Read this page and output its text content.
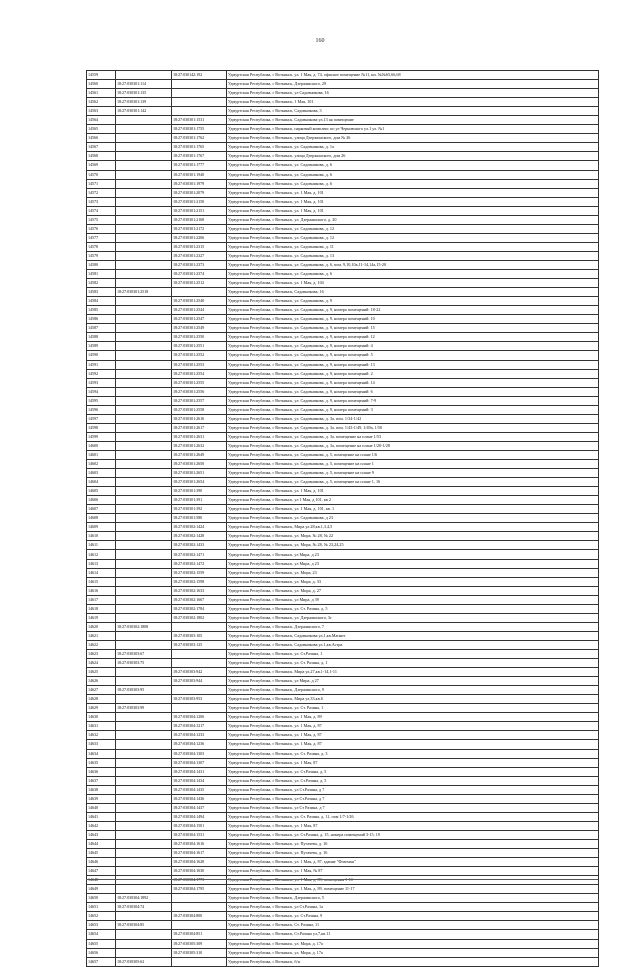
160
14559		18:27:030142:192	Удмуртская Республика, г Воткинск, ул. 1 Мая, д. 74, офисное помещение №11, нп. №№65,66,68
14560	18:27:030301:114		Удмуртская Республика, г Воткинск, Дзержинского, 29
14561	18:27:030301:135		Удмуртская Республика, г Воткинск, ул Садовникова, 16
14562	18:27:030301:139		Удмуртская Республика, г Воткинск, 1 Мая, 101
14563	18:27:030301:142		Удмуртская Республика, г Воткинск, Садовникова, 3
14564		18:27:030301:1531	Удмуртская Республика, г Воткинск, Садовникова ул,13 ая помещение
14565		18:27:030301:1755	Удмуртская Республика, г Воткинск, парковый комплекс по ул Черновского ул.1 ул. №1
14566		18:27:030301:1762	Удмуртская Республика, г Воткинск, улица Дзержинского, дом № 26
14567		18:27:030301:1765	Удмуртская Республика, г Воткинск, ул. Садовникова, д. 1а
14568		18:27:030301:1767	Удмуртская Республика, г Воткинск, улица Дзержинского, дом 26
14569		18:27:030301:1777	Удмуртская Республика, г Воткинск, ул. Садовникова, д. 6
14570		18:27:030301:1940	Удмуртская Республика, г Воткинск, ул. Садовникова, д. 6
14571		18:27:030301:1979	Удмуртская Республика, г Воткинск, ул. Садовникова, д. 6
14572		18:27:030301:2079	Удмуртская Республика, г Воткинск, ул. 1 Мая, д. 101
14573		18:27:030301:2150	Удмуртская Республика, г Воткинск, ул. 1 Мая, д. 101
14574		18:27:030301:2151	Удмуртская Республика, г Воткинск, ул. 1 Мая, д. 101
14575		18:27:030301:2168	Удмуртская Республика, г Воткинск, ул. Дзержинского, д. 20
14576		18:27:030301:2172	Удмуртская Республика, г Воткинск, ул. Садовникова, д. 12
14577		18:27:030301:2206	Удмуртская Республика, г Воткинск, ул. Садовникова, д. 12
14578		18:27:030301:2315	Удмуртская Республика, г Воткинск, ул. Садовникова, д. 11
14579		18:27:030301:2327	Удмуртская Республика, г Воткинск, ул. Садовникова, д. 13
14580		18:27:030301:2373	Удмуртская Республика, г Воткинск, ул. Садовникова, д. 6, пом. 9,10,10а,11-14,14а,15-20
14581		18:27:030301:2374	Удмуртская Республика, г Воткинск, ул. Садовникова, д. 6
14582		18:27:030301:2512	Удмуртская Республика, г Воткинск, ул. 1 Мая, д. 104
14583	18:27:030301:2518		Удмуртская Республика, г Воткинск, Садовникова, 16
14584		18:27:030301:2540	Удмуртская Республика, г Воткинск, ул. Садовникова, д. 9
14585		18:27:030301:2544	Удмуртская Республика, г Воткинск, ул. Садовникова, д. 9, номера помещений: 18-22
14586		18:27:030301:2547	Удмуртская Республика, г Воткинск, ул. Садовникова, д. 9, номера помещений: 10
14587		18:27:030301:2549	Удмуртская Республика, г Воткинск, ул. Садовникова, д. 9, номера помещений: 15
14588		18:27:030301:2550	Удмуртская Республика, г Воткинск, ул. Садовникова, д. 9, номера помещений: 12
14589		18:27:030301:2551	Удмуртская Республика, г Воткинск, ул. Садовникова, д. 9, номера помещений: 4
14590		18:27:030301:2552	Удмуртская Республика, г Воткинск, ул. Садовникова, д. 9, номера помещений: 5
14591		18:27:030301:2553	Удмуртская Республика, г Воткинск, ул. Садовникова, д. 9, номера помещений: 13
14592		18:27:030301:2554	Удмуртская Республика, г Воткинск, ул. Садовникова, д. 9, номера помещений: 2
14593		18:27:030301:2555	Удмуртская Республика, г Воткинск, ул. Садовникова, д. 9, номера помещений: 14
14594		18:27:030301:2556	Удмуртская Республика, г Воткинск, ул. Садовникова, д. 9, номера помещений: 6
14595		18:27:030301:2557	Удмуртская Республика, г Воткинск, ул. Садовникова, д. 9, номера помещений: 7-9
14596		18:27:030301:2558	Удмуртская Республика, г Воткинск, ул. Садовникова, д. 9, номера помещений: 3
14597		18:27:030301:2616	Удмуртская Республика, г Воткинск, ул. Садовникова, д. 3а, пом. 1/34-1/42
14598		18:27:030301:2617	Удмуртская Республика, г Воткинск, ул. Садовникова, д. 3а, пом. 1/43-1/49, 1/49а, 1/50
14599		18:27:030301:2631	Удмуртская Республика, г Воткинск, ул. Садовникова, д. 3а, помещение на плане 1/53
14600		18:27:030301:2632	Удмуртская Республика, г Воткинск, ул. Садовникова, д. 3а, помещение на плане 1/20-1/28
14601		18:27:030301:2649	Удмуртская Республика, г Воткинск, ул. Садовникова, д. 5, помещение на плане 1/6
14602		18:27:030301:2650	Удмуртская Республика, г Воткинск, ул. Садовникова, д. 5, помещение на плане 1
14603		18:27:030301:2651	Удмуртская Республика, г Воткинск, ул. Садовникова, д. 5, помещение на плане 9
14604		18:27:030301:2654	Удмуртская Республика, г Воткинск, ул. Садовникова, д. 5, помещение на плане 1, 16
14605		18:27:030301:390	Удмуртская Республика, г Воткинск, ул. 1 Мая, д. 101
14606		18:27:030301:391	Удмуртская Республика, г Воткинск, ул 1 Мая, д 101, кв 2
14607		18:27:030301:392	Удмуртская Республика, г Воткинск, ул. 1 Мая, д. 101, кв. 1
14608		18:27:030301:580	Удмуртская Республика, г Воткинск, ул. Садовникова, д 23
14609		18:27:030302:1424	Удмуртская Республика, г Воткинск, Мира ул.28,кв.1,3,4,5
14610		18:27:030302:1428	Удмуртская Республика, г Воткинск, ул. Мира, № 28, № 22
14611		18:27:030302:1433	Удмуртская Республика, г Воткинск, ул. Мира, № 28, № 23,24,25
14612		18:27:030302:1471	Удмуртская Республика, г Воткинск, ул Мира, д 23
14613		18:27:030302:1472	Удмуртская Республика, г Воткинск, ул Мира, д 23
14614		18:27:030302:1559	Удмуртская Республика, г Воткинск, ул. Мира, 23
14615		18:27:030302:1598	Удмуртская Республика, г Воткинск, ул. Мира, д. 33
14616		18:27:030302:1633	Удмуртская Республика, г Воткинск, ул. Мира, д. 27
14617		18:27:030302:1667	Удмуртская Республика, г Воткинск, ул Мира, д 39
14618		18:27:030302:1784	Удмуртская Республика, г Воткинск, ул. Ст. Разина, д. 5
14619		18:27:030302:1802	Удмуртская Республика, г Воткинск, ул. Дзержинского, 3г
14620	18:27:030302:1808		Удмуртская Республика, г Воткинск, Дзержинского, 7
14621		18:27:030303:105	Удмуртская Республика, г Воткинск, Садовникова ул,1,кв.Магнит
14622		18:27:030303:125	Удмуртская Республика, г Воткинск, Садовникова ул.1,кв.Астра
14623	18:27:030303:67		Удмуртская Республика, г Воткинск, ул. Ст.Разина, 1
14624	18:27:030303:75		Удмуртская Республика, г Воткинск, ул. Ст. Разина, д. 1
14625		18:27:030303:942	Удмуртская Республика, г Воткинск, Мира ул,27,кв.1-14,1-11
14626		18:27:030303:944	Удмуртская Республика, г Воткинск, ул Мира, д 27
14627	18:27:030303:95		Удмуртская Республика, г Воткинск, Дзержинского, 9
14628		18:27:030303:953	Удмуртская Республика, г Воткинск, Мира ул,33,кв.6
14629	18:27:030303:99		Удмуртская Республика, г Воткинск, ул. Ст. Разина, 1
14630		18:27:030304:1206	Удмуртская Республика, г Воткинск, ул. 1 Мая, д. 89
14631		18:27:030304:1217	Удмуртская Республика, г Воткинск, ул. 1 Мая, д. 87
14632		18:27:030304:1233	Удмуртская Республика, г Воткинск, ул. 1 Мая, д. 87
14633		18:27:030304:1236	Удмуртская Республика, г Воткинск, ул. 1 Мая, д. 87
14634		18:27:030304:1303	Удмуртская Республика, г Воткинск, ул. Ст. Разина, д. 3
14635		18:27:030304:1307	Удмуртская Республика, г Воткинск, ул. 1 Мая, 87
14636		18:27:030304:1431	Удмуртская Республика, г Воткинск, ул. Ст.Разина, д. 5
14637		18:27:030304:1434	Удмуртская Республика, г Воткинск, ул. Ст.Разина, д. 5
14638		18:27:030304:1435	Удмуртская Республика, г Воткинск, ул Ст.Разина, д 7
14639		18:27:030304:1436	Удмуртская Республика, г Воткинск, ул Ст.Разина, д 7
14640		18:27:030304:1437	Удмуртская Республика, г Воткинск, ул Ст Разина, д 7
14641		18:27:030304:1494	Удмуртская Республика, г Воткинск, ул. Ст. Разина, д. 11, пом 1/7-1/26
14642		18:27:030304:1501	Удмуртская Республика, г Воткинск, ул. 1 Мая, 87
14643		18:27:030304:1531	Удмуртская Республика, г Воткинск, ул. Ст.Разина, д. 15, номера помещений 3-15, 19
14644		18:27:030304:1616	Удмуртская Республика, г Воткинск, ул. Пугачева, д. 16
14645		18:27:030304:1617	Удмуртская Республика, г Воткинск, ул. Пугачева, д. 16
14646		18:27:030304:1628	Удмуртская Республика, г Воткинск, ул. 1 Мая, д. 87, здание "Флагман"
14647		18:27:030304:1630	Удмуртская Республика, г Воткинск, ул. 1 Мая, № 87
14648		18:27:030304:1773	Удмуртская Республика, г Воткинск, ул. 1 Мая, д. 89, помещения 1-10
14649		18:27:030304:1795	Удмуртская Республика, г Воткинск, ул. 1 Мая, д. 89, помещение 11-17
14650	18:27:030304:1892		Удмуртская Республика, г Воткинск, Дзержинского, 5
14651	18:27:030304:74		Удмуртская Республика, г Воткинск, ул Ст.Разина, 1а
14652		18:27:030304:800	Удмуртская Республика, г Воткинск, ул. Ст.Разина, 9
14653	18:27:030304:85		Удмуртская Республика, г Воткинск, Ст. Разина, 11
14654		18:27:030304:851	Удмуртская Республика, г Воткинск, Ст.Разина ул,7,кв.11
14655		18:27:030305:309	Удмуртская Республика, г Воткинск, ул. Мира, д. 17а
14656		18:27:030305:310	Удмуртская Республика, г Воткинск, ул. Мира, д. 17а
14657	18:27:030305:62		Удмуртская Республика, г Воткинск, б/н
